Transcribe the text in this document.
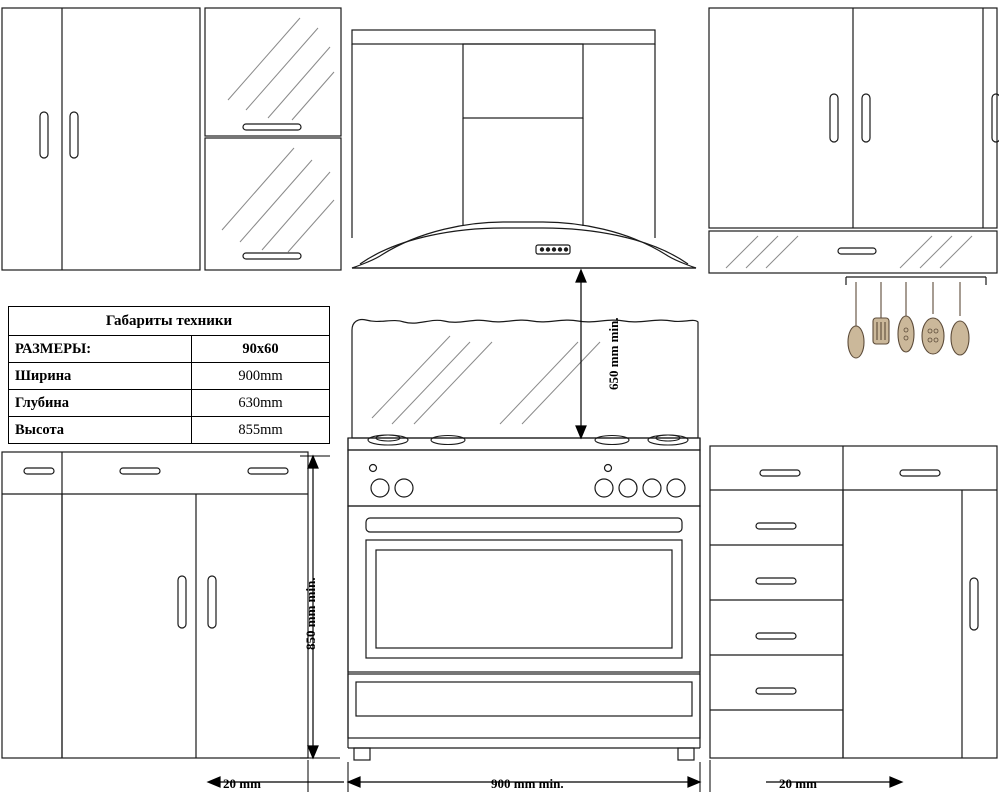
Габариты техники	
РАЗМЕРЫ:	90x60
Ширина	900mm
Глубина	630mm
Высота	855mm
650 mm min.
850 mm min.
900 mm min.
20 mm	20 mm
